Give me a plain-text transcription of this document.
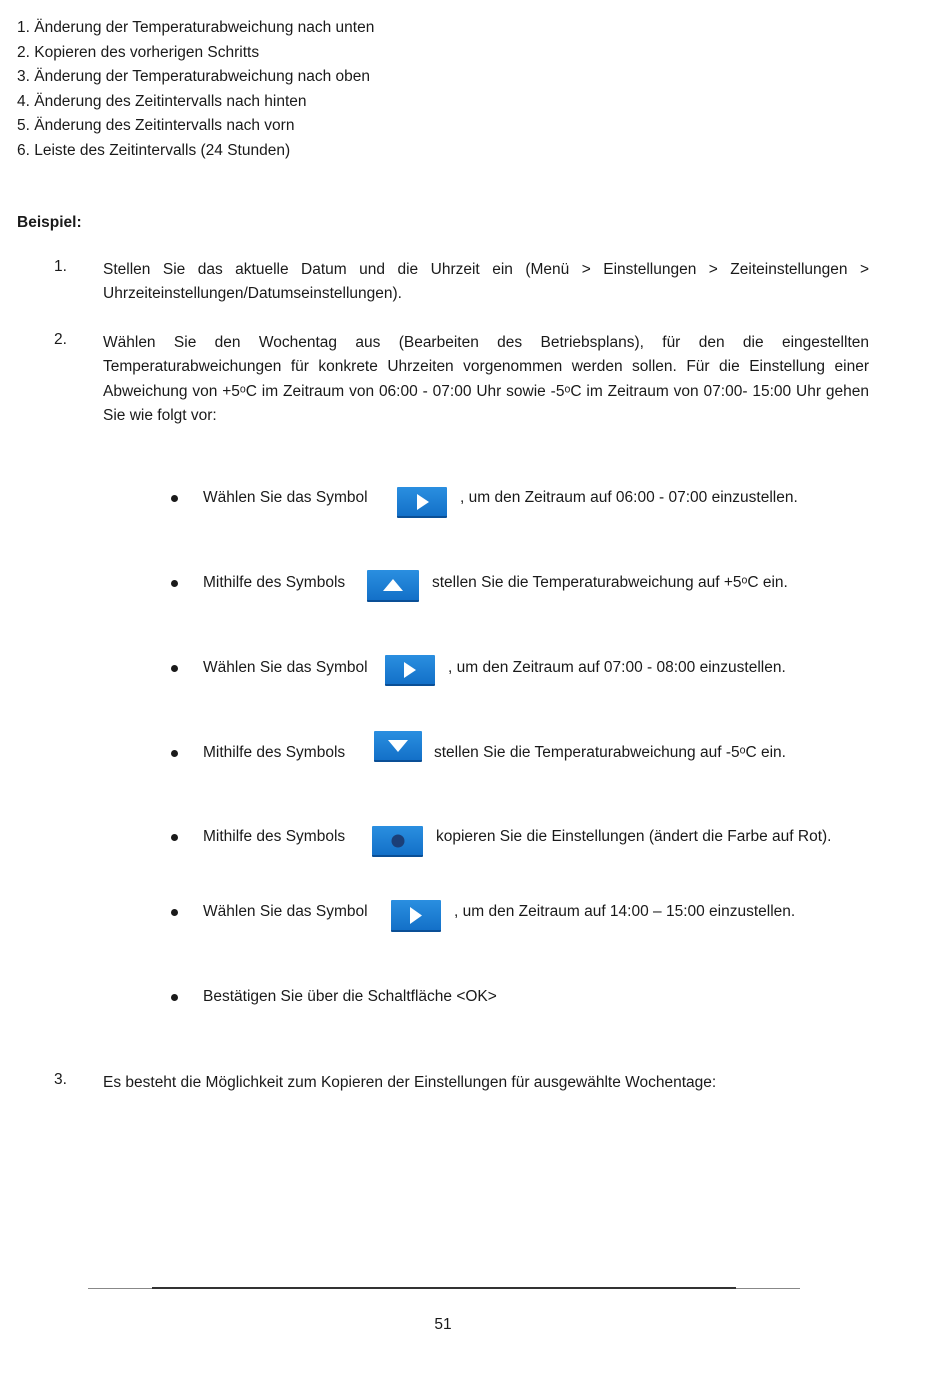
1. Änderung der Temperaturabweichung nach unten
2. Kopieren des vorherigen Schritts
3. Änderung der Temperaturabweichung nach oben
4. Änderung des Zeitintervalls nach hinten
5. Änderung des Zeitintervalls nach vorn
6. Leiste des Zeitintervalls (24 Stunden)
Beispiel:
1. Stellen Sie das aktuelle Datum und die Uhrzeit ein (Menü > Einstellungen > Zeiteinstellungen > Uhrzeiteinstellungen/Datumseinstellungen).
2. Wählen Sie den Wochentag aus (Bearbeiten des Betriebsplans), für den die eingestellten Temperaturabweichungen für konkrete Uhrzeiten vorgenommen werden sollen. Für die Einstellung einer Abweichung von +5ᵒC im Zeitraum von 06:00 - 07:00 Uhr sowie -5ᵒC im Zeitraum von 07:00- 15:00 Uhr gehen Sie wie folgt vor:
Wählen Sie das Symbol	, um den Zeitraum auf 06:00 - 07:00 einzustellen.
Mithilfe des Symbols	stellen Sie die Temperaturabweichung auf +5ᵒC ein.
Wählen Sie das Symbol	, um den Zeitraum auf 07:00 - 08:00 einzustellen.
Mithilfe des Symbols	stellen Sie die Temperaturabweichung auf -5ᵒC ein.
Mithilfe des Symbols	kopieren Sie die Einstellungen (ändert die Farbe auf Rot).
Wählen Sie das Symbol	, um den Zeitraum auf 14:00 – 15:00 einzustellen.
Bestätigen Sie über die Schaltfläche <OK>
3. Es besteht die Möglichkeit zum Kopieren der Einstellungen für ausgewählte Wochentage:
51
